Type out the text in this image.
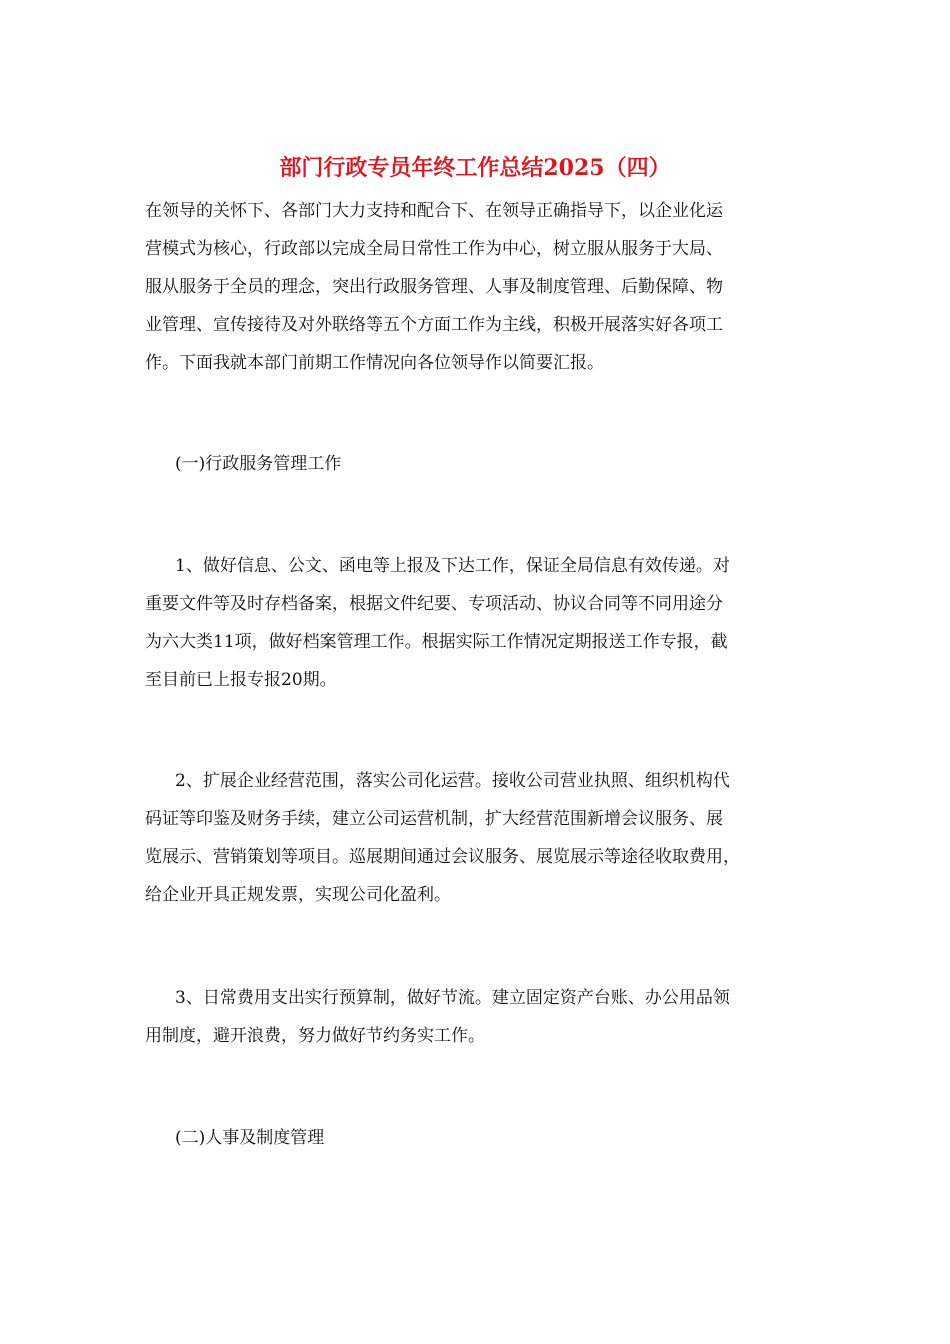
部门行政专员年终工作总结2025（四）
在领导的关怀下、各部门大力支持和配合下、在领导正确指导下，以企业化运
营模式为核心，行政部以完成全局日常性工作为中心，树立服从服务于大局、
服从服务于全员的理念，突出行政服务管理、人事及制度管理、后勤保障、物
业管理、宣传接待及对外联络等五个方面工作为主线，积极开展落实好各项工
作。下面我就本部门前期工作情况向各位领导作以简要汇报。
(一)行政服务管理工作
1、做好信息、公文、函电等上报及下达工作，保证全局信息有效传递。对
重要文件等及时存档备案，根据文件纪要、专项活动、协议合同等不同用途分
为六大类11项，做好档案管理工作。根据实际工作情况定期报送工作专报，截
至目前已上报专报20期。
2、扩展企业经营范围，落实公司化运营。接收公司营业执照、组织机构代
码证等印鉴及财务手续，建立公司运营机制，扩大经营范围新增会议服务、展
览展示、营销策划等项目。巡展期间通过会议服务、展览展示等途径收取费用，
给企业开具正规发票，实现公司化盈利。
3、日常费用支出实行预算制，做好节流。建立固定资产台账、办公用品领
用制度，避开浪费，努力做好节约务实工作。
(二)人事及制度管理
